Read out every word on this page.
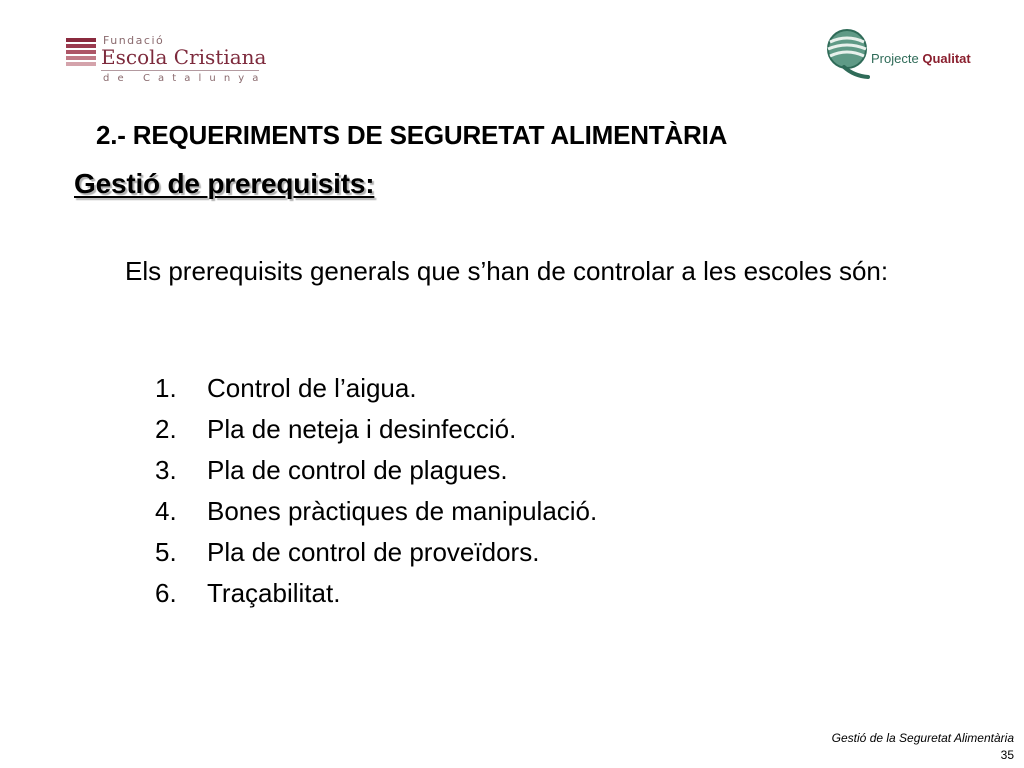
Fundació
Escola Cristiana
de Catalunya
Projecte Qualitat
2.- REQUERIMENTS DE SEGURETAT ALIMENTÀRIA
Gestió de prerequisits:
Els prerequisits generals que s’han de controlar a les escoles són:
1. Control de l’aigua.
2. Pla de neteja i desinfecció.
3. Pla de control de plagues.
4. Bones pràctiques de manipulació.
5. Pla de control de proveïdors.
6. Traçabilitat.
Gestió de la Seguretat Alimentària
35
